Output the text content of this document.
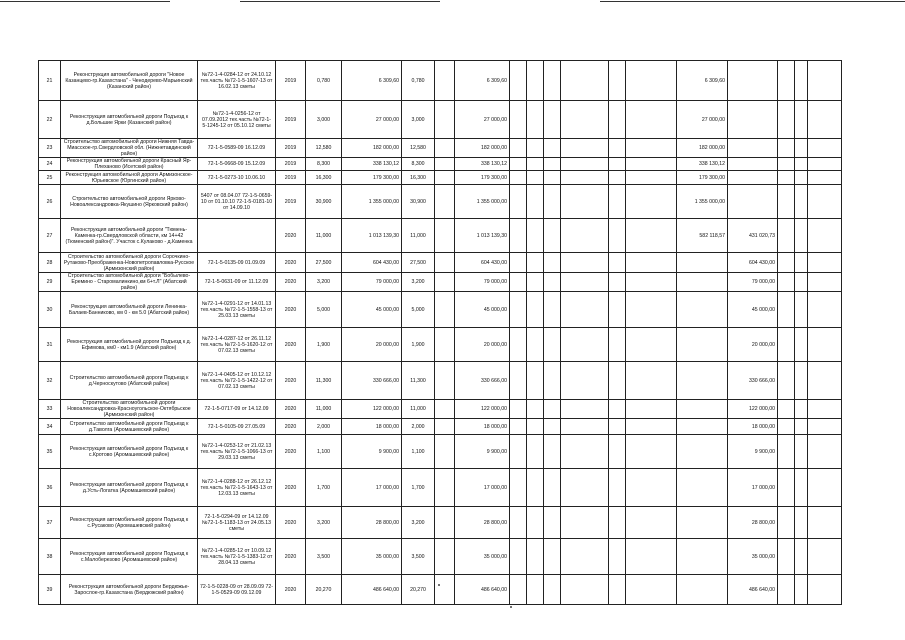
21	Реконструкция автомобильной дороги "Новое Казанцево-гр.Казахстана" - Ченодерево-Марьинский (Казанский район)	№72-1-4-0284-12 от 24.10.12 тех.часть №72-1-5-1607-13 от 16.02.13 сметы	2019	0,780	6 309,60	0,780		6 309,60							6 309,60				
22	Реконструкция автомобильной дороги Подъезд к д.Большие Ярки (Казанский район)	№72-1-4-0256-12 от 07.09.2012 тех.часть №72-1-5-1245-12 от 05.10.12 сметы	2019	3,000	27 000,00	3,000		27 000,00							27 000,00				
23	Строительство автомобильной дороги Нижняя Тавда-Миасское-гр.Свердловской обл. (Нижнетавдинский район)	72-1-5-0589-09 16.12.09	2019	12,580	182 000,00	12,580		182 000,00							182 000,00				
24	Реконструкция автомобильной дороги Красный Яр-Плеханово (Исетский район)	72-1-5-0668-09 15.12.09	2019	8,300	338 130,12	8,300		338 130,12							338 130,12				
25	Реконструкция автомобильной дороги Армизонское-Юрьевское (Юргинский район)	72-1-5-0273-10 10.06.10	2019	16,300	179 300,00	16,300		179 300,00							179 300,00				
26	Строительство автомобильной дороги Ярково-Новоалександровка-Якушино (Ярковский район)	5407 от 08.04.07 72-1-5-0659-10 от 01.10.10 72-1-5-0181-10 от 14.09.10	2019	30,900	1 355 000,00	30,900		1 355 000,00							1 355 000,00				
27	Реконструкция автомобильной дороги "Тюмень-Каменка-гр.Свердловской области, км 14+42 (Тюменский район)". Участок с.Кулаково - д.Каменка		2020	11,000	1 013 139,30	11,000		1 013 139,30							582 118,57	431 020,73			
28	Строительство автомобильной дороги Сорочкино-Рутаково-Преображенка-Новопетропавловка-Русское (Армизонский район)	72-1-5-0135-09 01.09.09	2020	27,500	604 430,00	27,500		604 430,00								604 430,00			
29	Строительство автомобильной дороги "Бобылево-Еремино - Старомалинкино,км 6+т.Л" (Абатский район)	72-1-5-0631-09 от 11.12.09	2020	3,200	79 000,00	3,200		79 000,00								79 000,00			
30	Реконструкция автомобильной дороги Ленинка-Балаев-Банниково, км 0 - км 5.0 (Абатский район)	№72-1-4-0291-12 от 14.01.13 тех.часть №72-1-5-1558-13 от 25.03.13 сметы	2020	5,000	45 000,00	5,000		45 000,00								45 000,00			
31	Реконструкция автомобильной дороги Подъезд к д. Ефимова, км0 - км1.9 (Абатский район)	№72-1-4-0287-12 от 26.11.12 тех.часть №72-1-5-1620-12 от 07.02.13 сметы	2020	1,900	20 000,00	1,900		20 000,00								20 000,00			
32	Строительство автомобильной дороги Подъезд к д.Черноскутово (Абатский район)	№72-1-4-0405-12 от 10.12.12 тех.часть №72-1-5-1422-12 от 07.02.13 сметы	2020	11,300	330 666,00	11,300		330 666,00								330 666,00			
33	Строительство автомобильной дороги Новоалександровка-Красноугольское-Октябрьское (Армизонский район)	72-1-5-0717-09 от 14.12.09	2020	11,000	122 000,00	11,000		122 000,00								122 000,00			
34	Строительство автомобильной дороги Подъезд к д.Таволга (Аромашевский район)	72-1-5-0105-09 27.05.09	2020	2,000	18 000,00	2,000		18 000,00								18 000,00			
35	Реконструкция автомобильной дороги Подъезд к с.Кротово (Аромашевский район)	№72-1-4-0253-12 от 21.02.13 тех.часть №72-1-5-1066-13 от 29.03.13 сметы	2020	1,100	9 900,00	1,100		9 900,00								9 900,00			
36	Реконструкция автомобильной дороги Подъезд к д.Усть-Логатка (Аромашевский район)	№72-1-4-0288-12 от 26.12.12 тех.часть №72-1-5-1643-13 от 12.03.13 сметы	2020	1,700	17 000,00	1,700		17 000,00								17 000,00			
37	Реконструкция автомобильной дороги Подъезд к с.Русаково (Аромашевский район)	72-1-5-0294-09 от 14.12.09 №72-1-5-1183-13 от 24.05.13 сметы	2020	3,200	28 800,00	3,200		28 800,00								28 800,00			
38	Реконструкция автомобильной дороги Подъезд к с.Малоберезово (Аромашевский район)	№72-1-4-0285-12 от 10.09.12 тех.часть №72-1-5-1383-12 от 28.04.13 сметы	2020	3,500	35 000,00	3,500		35 000,00								35 000,00			
39	Реконструкция автомобильной дороги Бердюжье-Зарослое-гр.Казахстана (Бердюжский район)	72-1-5-0228-09 от 28.09.09 72-1-5-0529-09 09.12.09	2020	20,270	486 640,00	20,270		486 640,00								486 640,00			
